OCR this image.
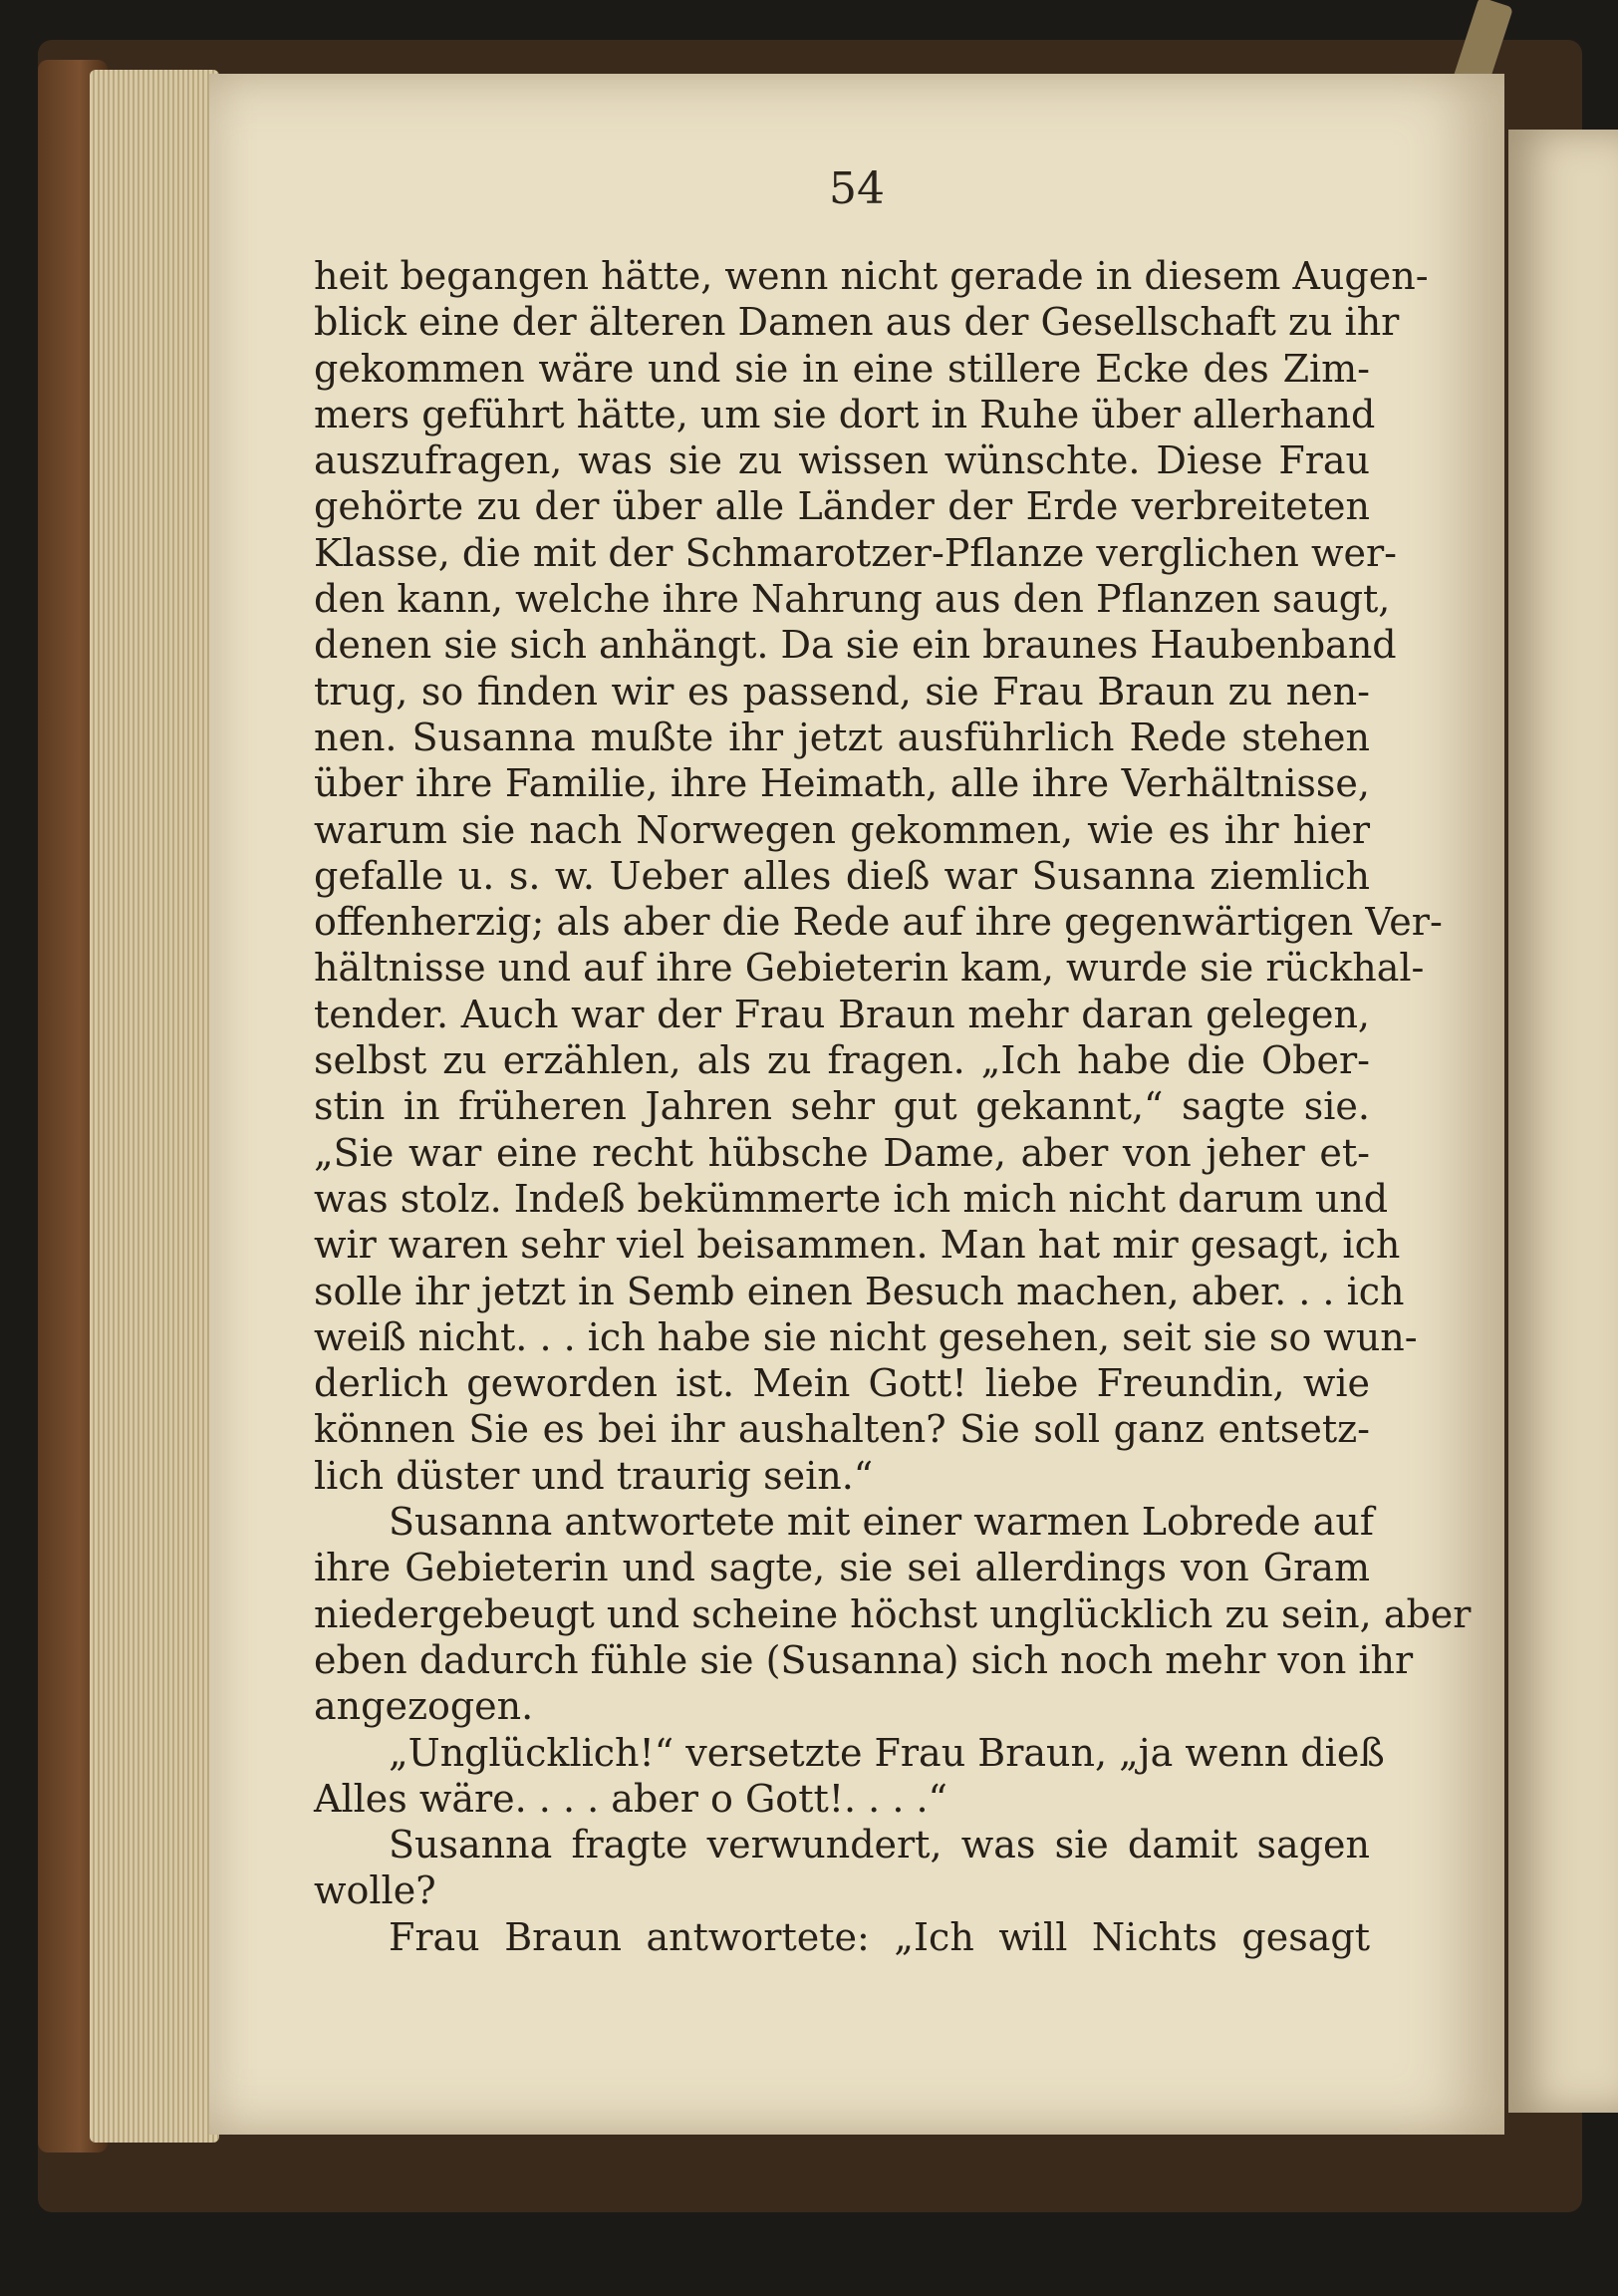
54
heit begangen hätte, wenn nicht gerade in diesem Augen-
blick eine der älteren Damen aus der Gesellschaft zu ihr
gekommen wäre und sie in eine stillere Ecke des Zim-
mers geführt hätte, um sie dort in Ruhe über allerhand
auszufragen, was sie zu wissen wünschte. Diese Frau
gehörte zu der über alle Länder der Erde verbreiteten
Klasse, die mit der Schmarotzer-Pflanze verglichen wer-
den kann, welche ihre Nahrung aus den Pflanzen saugt,
denen sie sich anhängt. Da sie ein braunes Haubenband
trug, so finden wir es passend, sie Frau Braun zu nen-
nen. Susanna mußte ihr jetzt ausführlich Rede stehen
über ihre Familie, ihre Heimath, alle ihre Verhältnisse,
warum sie nach Norwegen gekommen, wie es ihr hier
gefalle u. s. w. Ueber alles dieß war Susanna ziemlich
offenherzig; als aber die Rede auf ihre gegenwärtigen Ver-
hältnisse und auf ihre Gebieterin kam, wurde sie rückhal-
tender. Auch war der Frau Braun mehr daran gelegen,
selbst zu erzählen, als zu fragen. „Ich habe die Ober-
stin in früheren Jahren sehr gut gekannt,“ sagte sie.
„Sie war eine recht hübsche Dame, aber von jeher et-
was stolz. Indeß bekümmerte ich mich nicht darum und
wir waren sehr viel beisammen. Man hat mir gesagt, ich
solle ihr jetzt in Semb einen Besuch machen, aber. . . ich
weiß nicht. . . ich habe sie nicht gesehen, seit sie so wun-
derlich geworden ist. Mein Gott! liebe Freundin, wie
können Sie es bei ihr aushalten? Sie soll ganz entsetz-
lich düster und traurig sein.“
Susanna antwortete mit einer warmen Lobrede auf
ihre Gebieterin und sagte, sie sei allerdings von Gram
niedergebeugt und scheine höchst unglücklich zu sein, aber
eben dadurch fühle sie (Susanna) sich noch mehr von ihr
angezogen.
„Unglücklich!“ versetzte Frau Braun, „ja wenn dieß
Alles wäre. . . . aber o Gott!. . . .“
Susanna fragte verwundert, was sie damit sagen
wolle?
Frau Braun antwortete: „Ich will Nichts gesagt
